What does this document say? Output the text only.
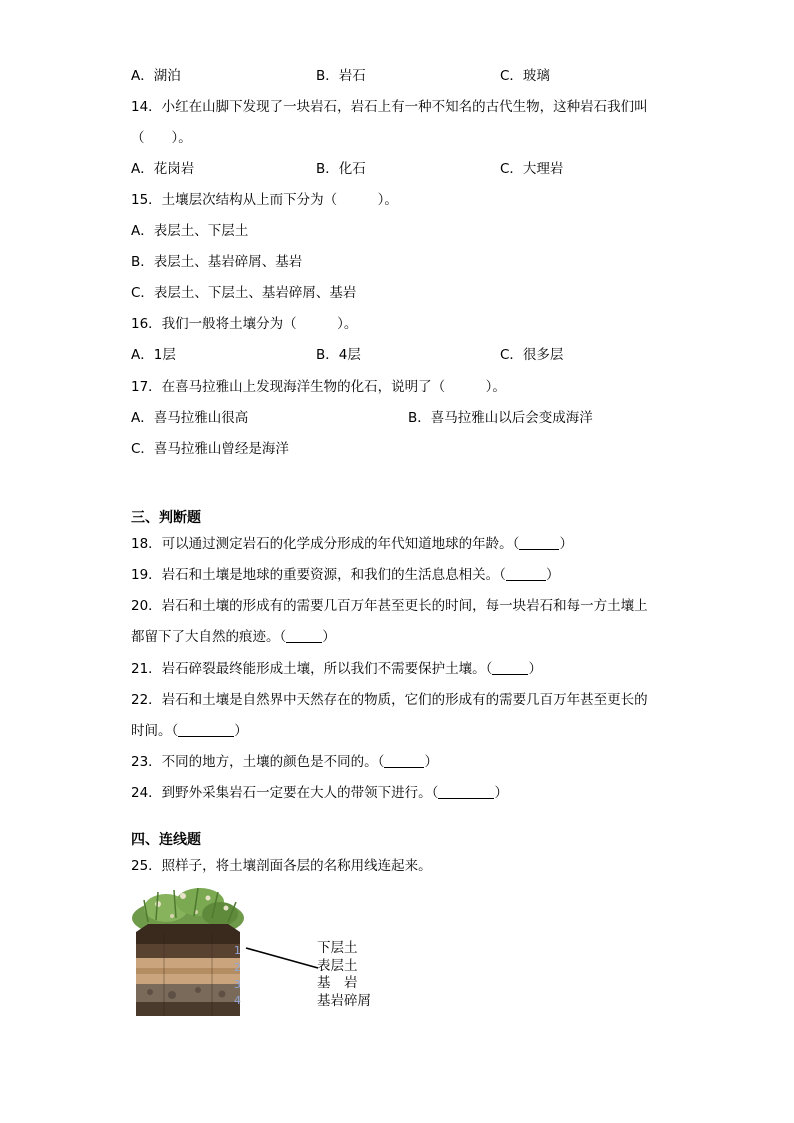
A．湖泊	B．岩石	C．玻璃
14．小红在山脚下发现了一块岩石，岩石上有一种不知名的古代生物，这种岩石我们叫
（　　）。
A．花岗岩	B．化石	C．大理岩
15．土壤层次结构从上而下分为（　　　）。
A．表层土、下层土
B．表层土、基岩碎屑、基岩
C．表层土、下层土、基岩碎屑、基岩
16．我们一般将土壤分为（　　　）。
A．1层	B．4层	C．很多层
17．在喜马拉雅山上发现海洋生物的化石，说明了（　　　）。
A．喜马拉雅山很高	B．喜马拉雅山以后会变成海洋
C．喜马拉雅山曾经是海洋
三、判断题
18．可以通过测定岩石的化学成分形成的年代知道地球的年龄。（	）
19．岩石和土壤是地球的重要资源，和我们的生活息息相关。（	）
20．岩石和土壤的形成有的需要几百万年甚至更长的时间，每一块岩石和每一方土壤上
都留下了大自然的痕迹。（	）
21．岩石碎裂最终能形成土壤，所以我们不需要保护土壤。（	）
22．岩石和土壤是自然界中天然存在的物质，它们的形成有的需要几百万年甚至更长的
时间。（	）
23．不同的地方，土壤的颜色是不同的。（	）
24．到野外采集岩石一定要在大人的带领下进行。（	）
四、连线题
25．照样子，将土壤剖面各层的名称用线连起来。
1
2
3
4
下层土
表层土
基　岩
基岩碎屑
